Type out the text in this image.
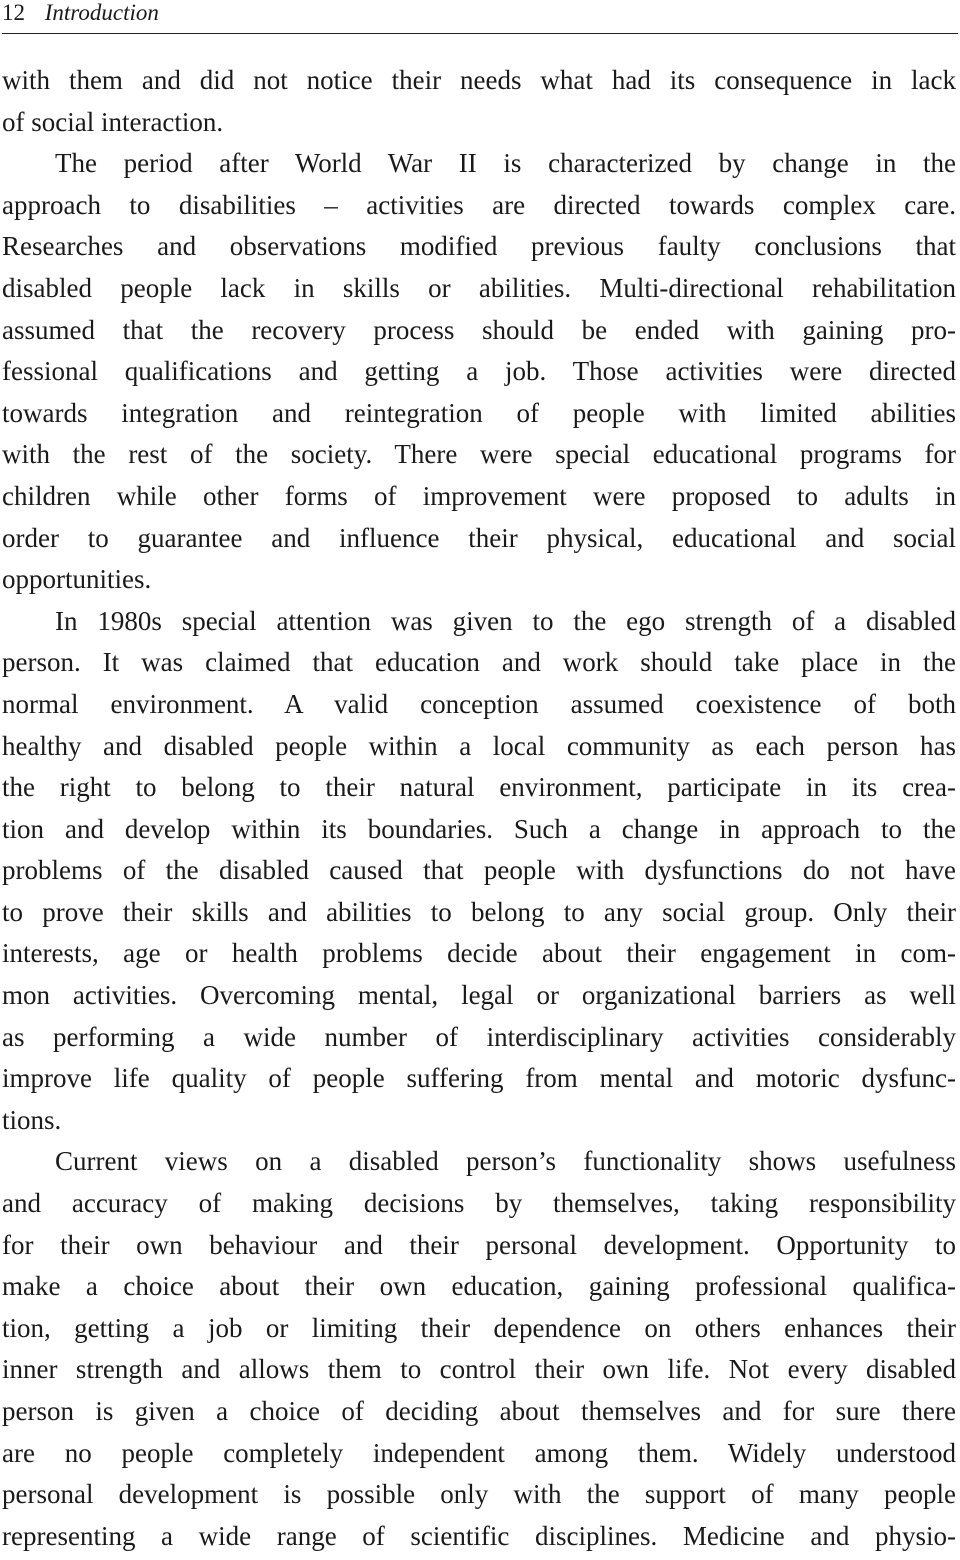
12 Introduction
with them and did not notice their needs what had its consequence in lack
of social interaction.
The period after World War II is characterized by change in the
approach to disabilities – activities are directed towards complex care.
Researches and observations modified previous faulty conclusions that
disabled people lack in skills or abilities. Multi-directional rehabilitation
assumed that the recovery process should be ended with gaining pro-
fessional qualifications and getting a job. Those activities were directed
towards integration and reintegration of people with limited abilities
with the rest of the society. There were special educational programs for
children while other forms of improvement were proposed to adults in
order to guarantee and influence their physical, educational and social
opportunities.
In 1980s special attention was given to the ego strength of a disabled
person. It was claimed that education and work should take place in the
normal environment. A valid conception assumed coexistence of both
healthy and disabled people within a local community as each person has
the right to belong to their natural environment, participate in its crea-
tion and develop within its boundaries. Such a change in approach to the
problems of the disabled caused that people with dysfunctions do not have
to prove their skills and abilities to belong to any social group. Only their
interests, age or health problems decide about their engagement in com-
mon activities. Overcoming mental, legal or organizational barriers as well
as performing a wide number of interdisciplinary activities considerably
improve life quality of people suffering from mental and motoric dysfunc-
tions.
Current views on a disabled person’s functionality shows usefulness
and accuracy of making decisions by themselves, taking responsibility
for their own behaviour and their personal development. Opportunity to
make a choice about their own education, gaining professional qualifica-
tion, getting a job or limiting their dependence on others enhances their
inner strength and allows them to control their own life. Not every disabled
person is given a choice of deciding about themselves and for sure there
are no people completely independent among them. Widely understood
personal development is possible only with the support of many people
representing a wide range of scientific disciplines. Medicine and physio-
